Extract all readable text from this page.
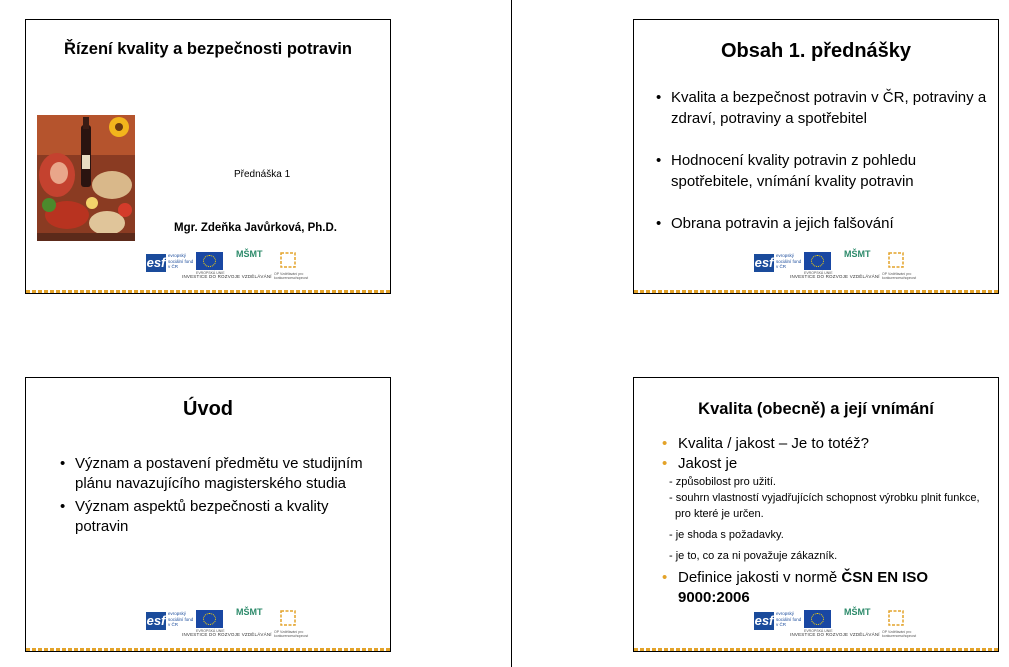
Řízení kvality a bezpečnosti potravin
Přednáška 1
Mgr. Zdeňka Javůrková, Ph.D.
esf evropský sociální fond v ČR
EVROPSKÁ UNIE
MŠMT
OP Vzdělávání pro konkurenceschopnost
INVESTICE DO ROZVOJE VZDĚLÁVÁNÍ
Obsah 1. přednášky
• Kvalita a bezpečnost potravin v ČR, potraviny a zdraví, potraviny a spotřebitel
• Hodnocení kvality potravin z pohledu spotřebitele, vnímání kvality potravin
• Obrana potravin a jejich falšování
esf evropský sociální fond v ČR
EVROPSKÁ UNIE
MŠMT
OP Vzdělávání pro konkurenceschopnost
INVESTICE DO ROZVOJE VZDĚLÁVÁNÍ
Úvod
• Význam a postavení předmětu ve studijním plánu navazujícího magisterského studia
• Význam aspektů bezpečnosti a kvality potravin
esf evropský sociální fond v ČR
EVROPSKÁ UNIE
MŠMT
OP Vzdělávání pro konkurenceschopnost
INVESTICE DO ROZVOJE VZDĚLÁVÁNÍ
Kvalita (obecně) a její vnímání
• Kvalita / jakost – Je to totéž?
• Jakost je
- způsobilost pro užití.
- souhrn vlastností vyjadřujících schopnost výrobku plnit funkce, pro které je určen.
- je shoda s požadavky.
- je to, co za ni považuje zákazník.
• Definice jakosti v normě ČSN EN ISO 9000:2006
esf evropský sociální fond v ČR
EVROPSKÁ UNIE
MŠMT
OP Vzdělávání pro konkurenceschopnost
INVESTICE DO ROZVOJE VZDĚLÁVÁNÍ
